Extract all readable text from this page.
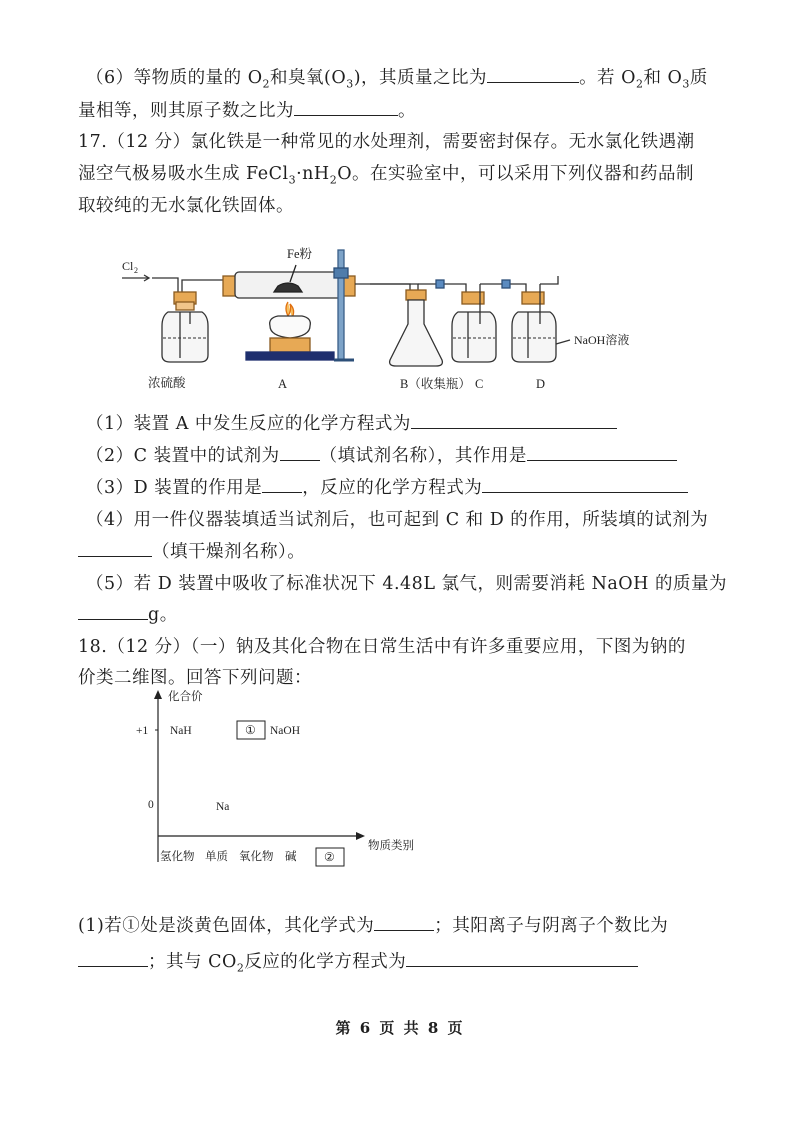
（6）等物质的量的 $O_2$和臭氧$(O_3)$，其质量之比为	。若 $O_2$和 $O_3$质
量相等，则其原子数之比为	。
17.（12 分）氯化铁是一种常见的水处理剂，需要密封保存。无水氯化铁遇潮
湿空气极易吸水生成 $FeCl_3\cdot nH_2O$。在实验室中，可以采用下列仪器和药品制
取较纯的无水氯化铁固体。
Cl 2
浓硫酸
Fe粉
A	B（收集瓶） C	D
NaOH溶液
（1）装置 A 中发生反应的化学方程式为
（2）C 装置中的试剂为 （填试剂名称），其作用是
（3）D 装置的作用是 ，反应的化学方程式为
（4）用一件仪器装填适当试剂后，也可起到 C 和 D 的作用，所装填的试剂为
（填干燥剂名称）。
（5）若 D 装置中吸收了标准状况下 4.48L 氯气，则需要消耗 NaOH 的质量为
g。
18.（12 分）（一）钠及其化合物在日常生活中有许多重要应用，下图为钠的
价类二维图。回答下列问题：
化合价
物质类别
+1
0
氢化物 单质 氧化物 碱 ②
NaH	① NaOH
Na
(1)若①处是淡黄色固体，其化学式为	；其阳离子与阴离子个数比为
；其与 $CO_2$反应的化学方程式为
第 6 页 共 8 页
